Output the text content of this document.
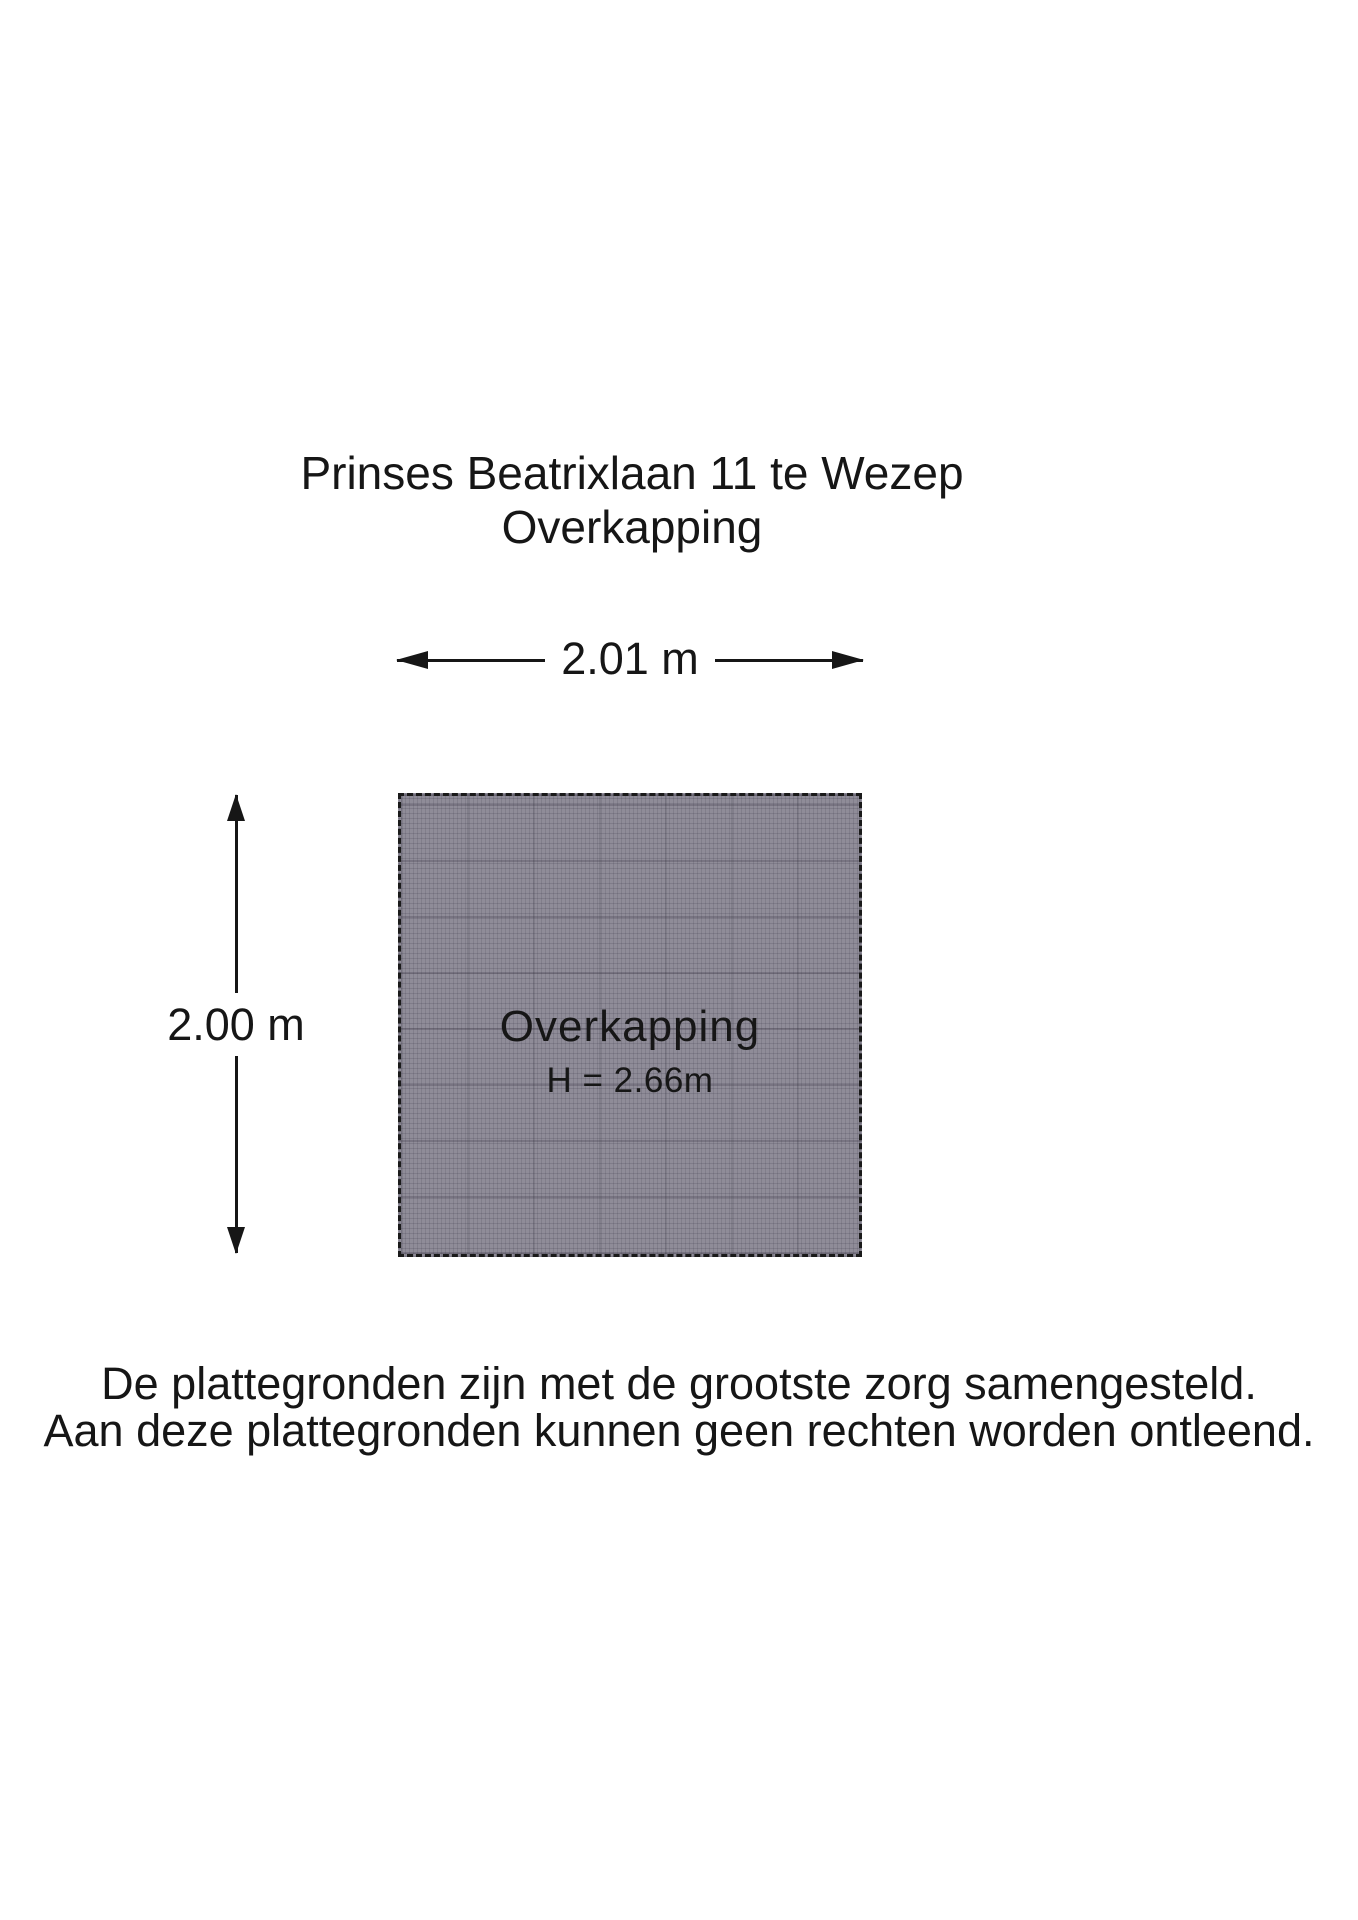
Prinses Beatrixlaan 11 te Wezep
Overkapping
2.01 m
2.00 m	Overkapping
H = 2.66m
De plattegronden zijn met de grootste zorg samengesteld.
Aan deze plattegronden kunnen geen rechten worden ontleend.
